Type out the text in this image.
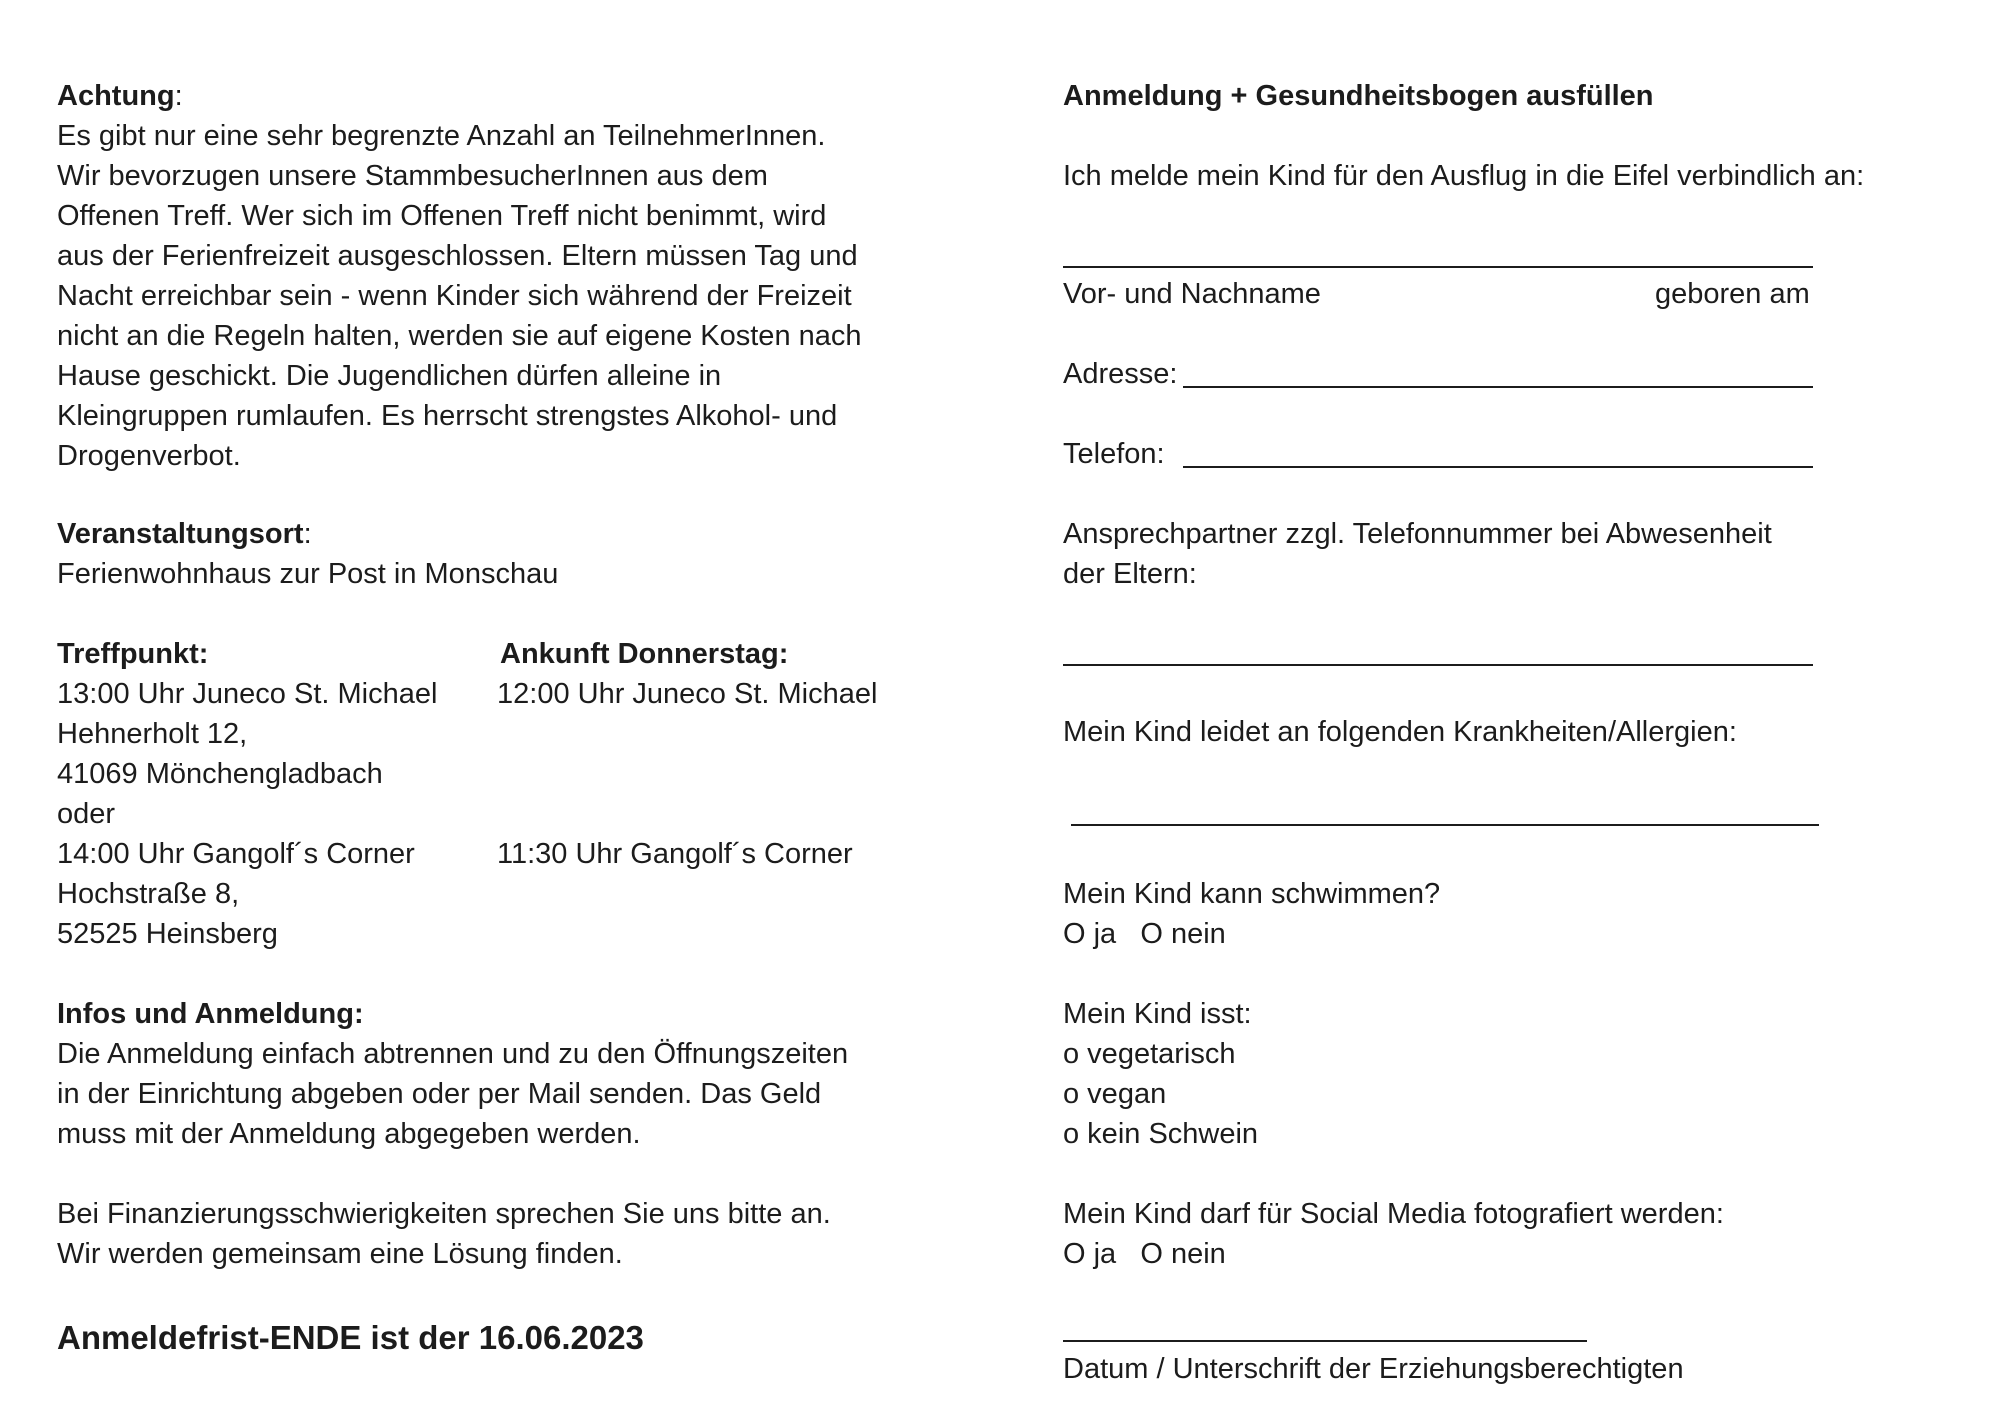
Achtung:
Es gibt nur eine sehr begrenzte Anzahl an TeilnehmerInnen.
Wir bevorzugen unsere StammbesucherInnen aus dem
Offenen Treff. Wer sich im Offenen Treff nicht benimmt, wird
aus der Ferienfreizeit ausgeschlossen. Eltern müssen Tag und
Nacht erreichbar sein - wenn Kinder sich während der Freizeit
nicht an die Regeln halten, werden sie auf eigene Kosten nach
Hause geschickt. Die Jugendlichen dürfen alleine in
Kleingruppen rumlaufen. Es herrscht strengstes Alkohol- und
Drogenverbot.
Veranstaltungsort:
Ferienwohnhaus zur Post in Monschau
Treffpunkt:
13:00 Uhr Juneco St. Michael
Hehnerholt 12,
41069 Mönchengladbach
oder
14:00 Uhr Gangolf´s Corner
Hochstraße 8,
52525 Heinsberg
Ankunft Donnerstag:
12:00 Uhr Juneco St. Michael
11:30 Uhr Gangolf´s Corner
Infos und Anmeldung:
Die Anmeldung einfach abtrennen und zu den Öffnungszeiten
in der Einrichtung abgeben oder per Mail senden. Das Geld
muss mit der Anmeldung abgegeben werden.
Bei Finanzierungsschwierigkeiten sprechen Sie uns bitte an.
Wir werden gemeinsam eine Lösung finden.
Anmeldefrist-ENDE ist der 16.06.2023
Anmeldung + Gesundheitsbogen ausfüllen
Ich melde mein Kind für den Ausflug in die Eifel verbindlich an:
Vor- und Nachname	geboren am
Adresse:
Telefon:
Ansprechpartner zzgl. Telefonnummer bei Abwesenheit
der Eltern:
Mein Kind leidet an folgenden Krankheiten/Allergien:
Mein Kind kann schwimmen?
O ja   O nein
Mein Kind isst:
o vegetarisch
o vegan
o kein Schwein
Mein Kind darf für Social Media fotografiert werden:
O ja   O nein
Datum / Unterschrift der Erziehungsberechtigten
